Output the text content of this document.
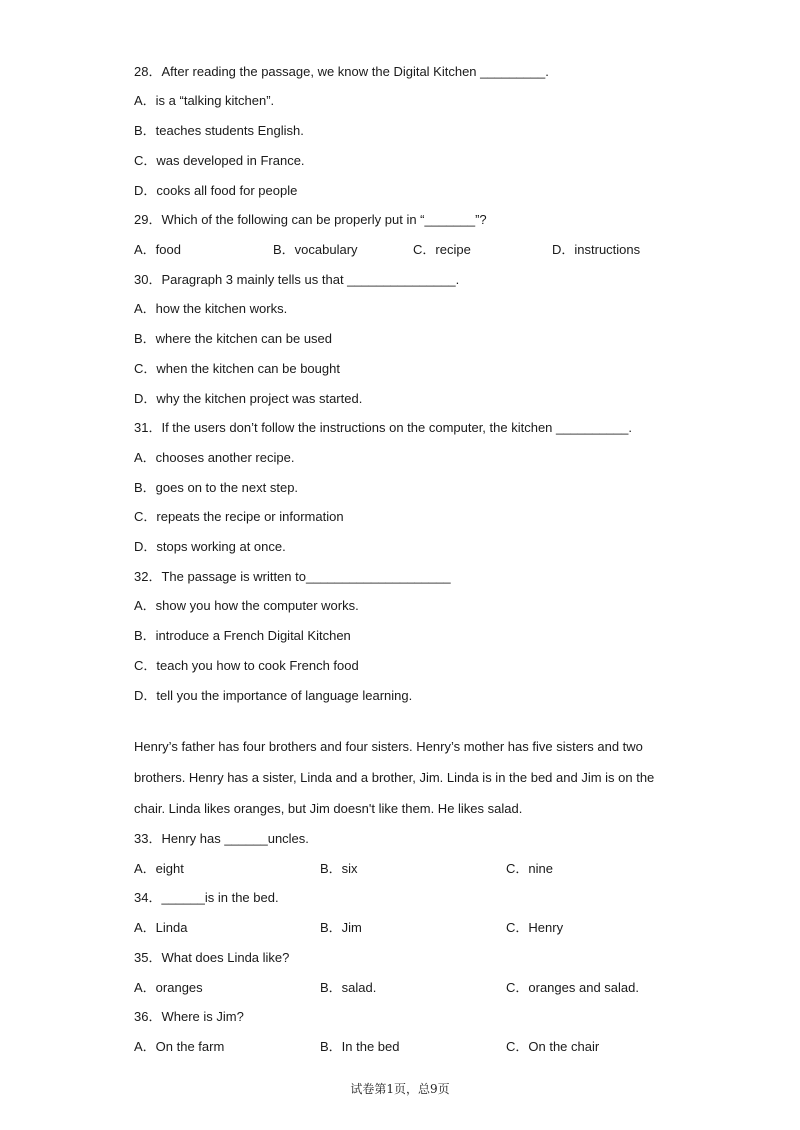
28．After reading the passage, we know the Digital Kitchen _________.
A．is a “talking kitchen”.
B．teaches students English.
C．was developed in France.
D．cooks all food for people
29．Which of the following can be properly put in “_______”?
A．food	B．vocabulary	C．recipe	D．instructions
30．Paragraph 3 mainly tells us that _______________.
A．how the kitchen works.
B．where the kitchen can be used
C．when the kitchen can be bought
D．why the kitchen project was started.
31．If the users don’t follow the instructions on the computer, the kitchen __________.
A．chooses another recipe.
B．goes on to the next step.
C．repeats the recipe or information
D．stops working at once.
32．The passage is written to____________________
A．show you how the computer works.
B．introduce a French Digital Kitchen
C．teach you how to cook French food
D．tell you the importance of language learning.
Henry’s father has four brothers and four sisters. Henry’s mother has five sisters and two brothers. Henry has a sister, Linda and a brother, Jim. Linda is in the bed and Jim is on the chair. Linda likes oranges, but Jim doesn't like them. He likes salad.
33．Henry has ______uncles.
A．eight	B．six	C．nine
34．______is in the bed.
A．Linda	B．Jim	C．Henry
35．What does Linda like?
A．oranges	B．salad.	C．oranges and salad.
36．Where is Jim?
A．On the farm	B．In the bed	C．On the chair
试卷第1页，总9页
